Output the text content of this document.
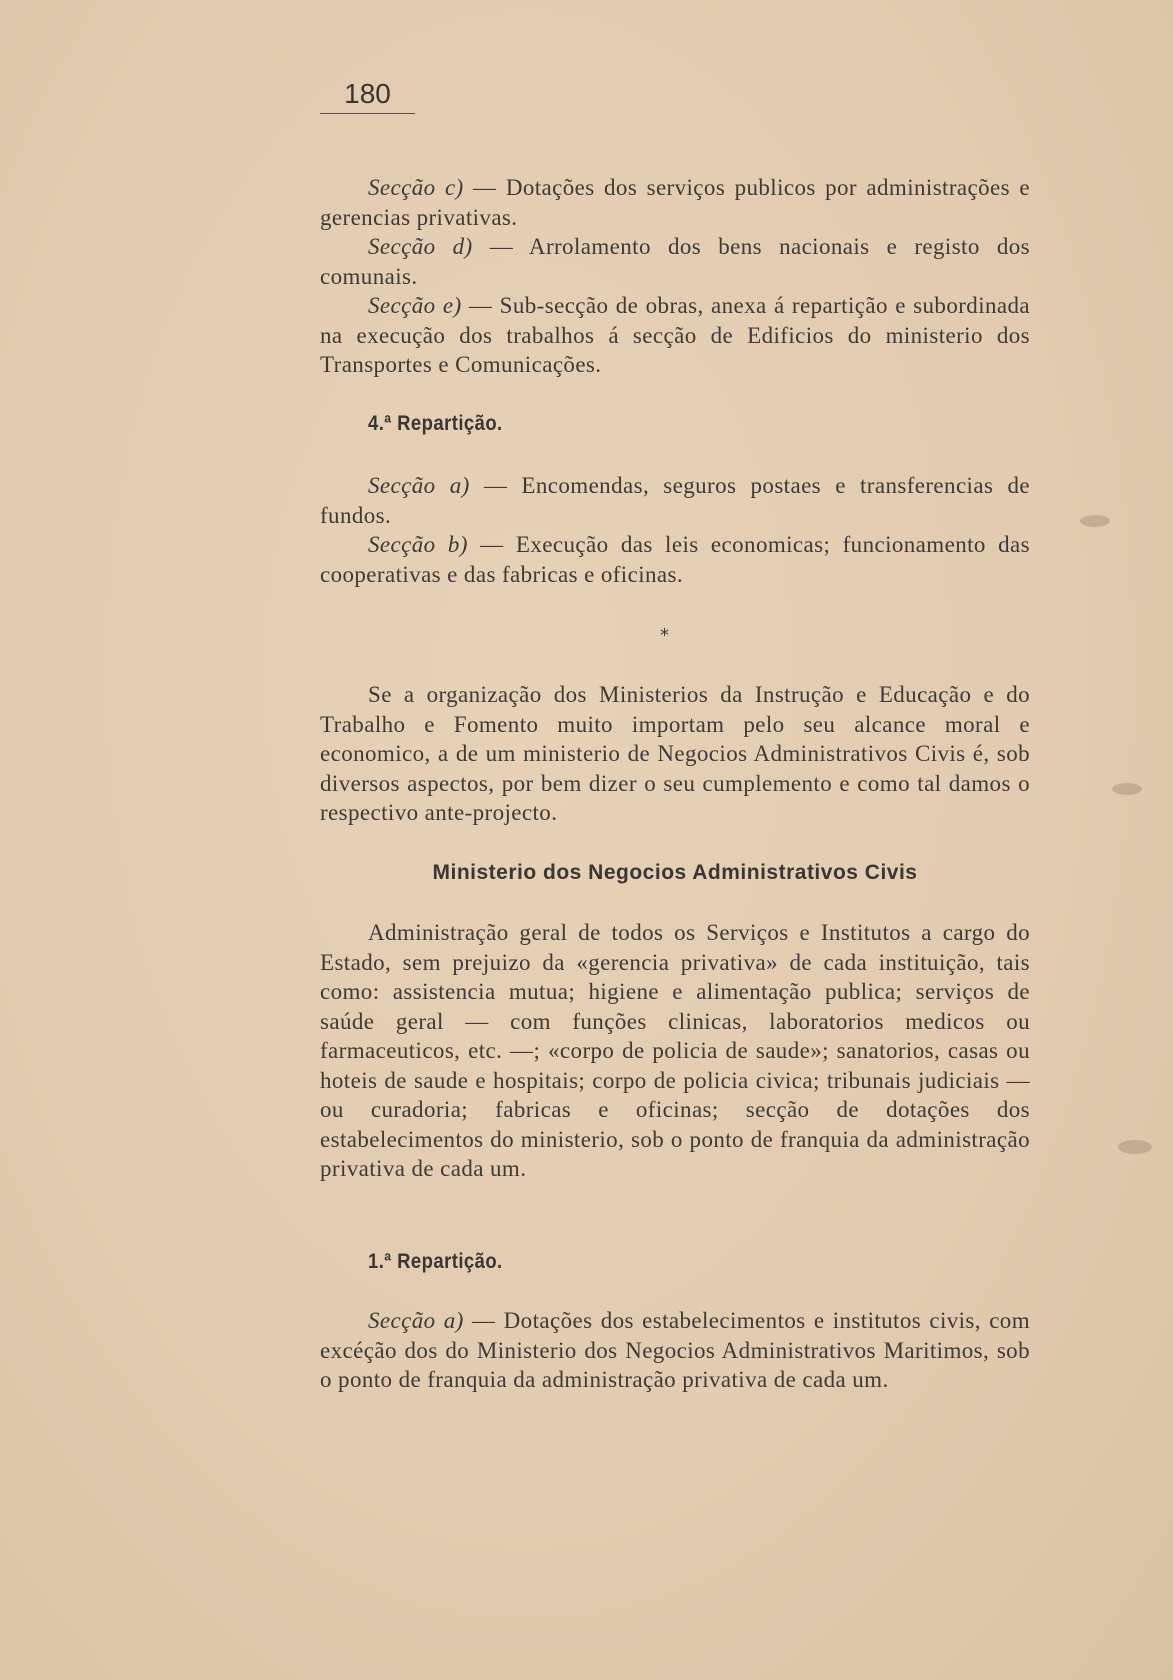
180

Secção c) — Dotações dos serviços publicos por administrações e gerencias privativas.

Secção d) — Arrolamento dos bens nacionais e registo dos comunais.

Secção e) — Sub-secção de obras, anexa á repartição e subordinada na execução dos trabalhos á secção de Edificios do ministerio dos Transportes e Comunicações.

4.ª Repartição.

Secção a) — Encomendas, seguros postaes e transferencias de fundos.

Secção b) — Execução das leis economicas; funcionamento das cooperativas e das fabricas e oficinas.

*

Se a organização dos Ministerios da Instrução e Educação e do Trabalho e Fomento muito importam pelo seu alcance moral e economico, a de um ministerio de Negocios Administrativos Civis é, sob diversos aspectos, por bem dizer o seu cumplemento e como tal damos o respectivo ante-projecto.

Ministerio dos Negocios Administrativos Civis

Administração geral de todos os Serviços e Institutos a cargo do Estado, sem prejuizo da «gerencia privativa» de cada instituição, tais como: assistencia mutua; higiene e alimentação publica; serviços de saúde geral — com funções clinicas, laboratorios medicos ou farmaceuticos, etc. —; «corpo de policia de saude»; sanatorios, casas ou hoteis de saude e hospitais; corpo de policia civica; tribunais judiciais — ou curadoria; fabricas e oficinas; secção de dotações dos estabelecimentos do ministerio, sob o ponto de franquia da administração privativa de cada um.

1.ª Repartição.

Secção a) — Dotações dos estabelecimentos e institutos civis, com excéção dos do Ministerio dos Negocios Administrativos Maritimos, sob o ponto de franquia da administração privativa de cada um.
